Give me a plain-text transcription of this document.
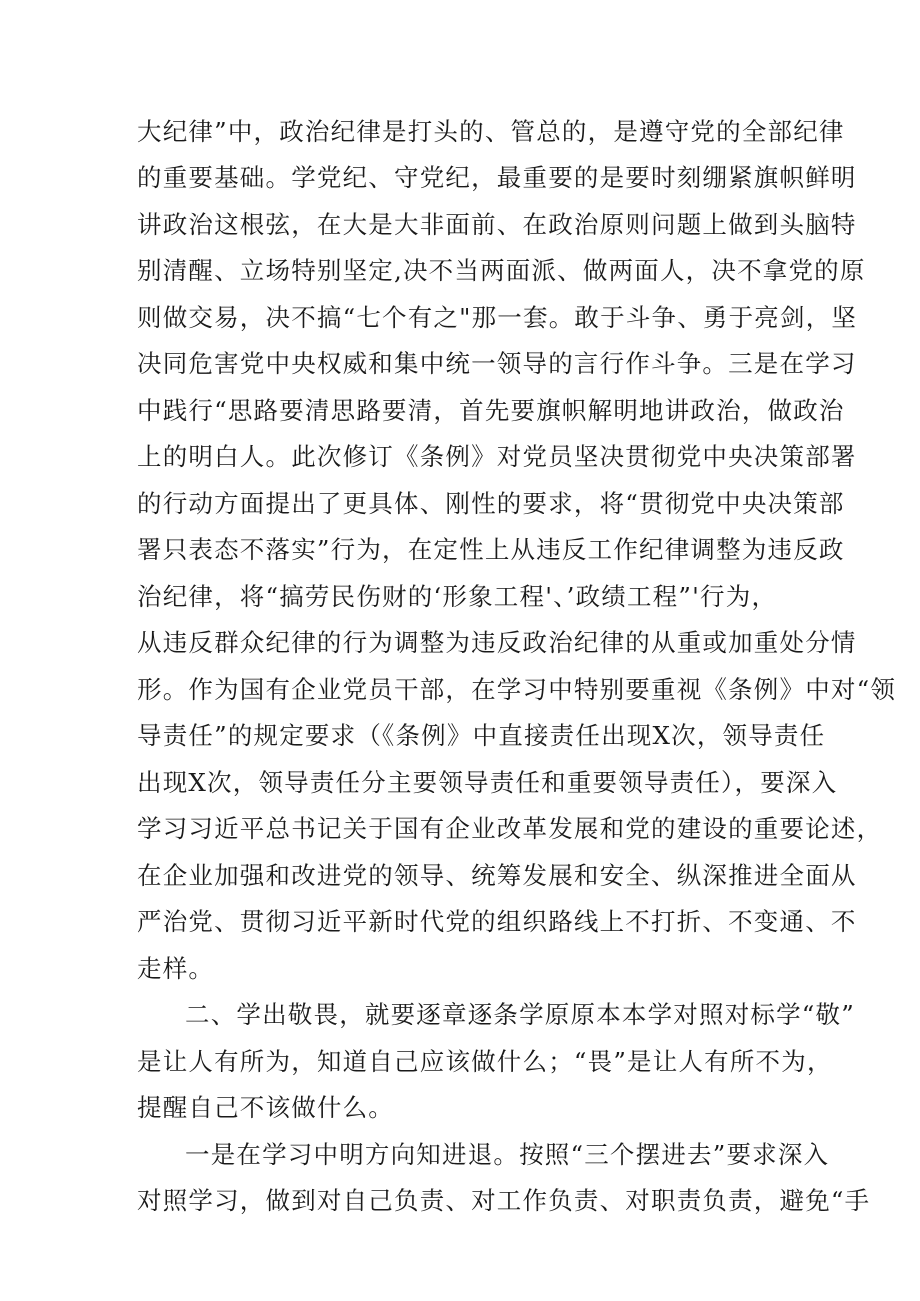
大纪律”中，政治纪律是打头的、管总的，是遵守党的全部纪律
的重要基础。学党纪、守党纪，最重要的是要时刻绷紧旗帜鲜明
讲政治这根弦，在大是大非面前、在政治原则问题上做到头脑特
别清醒、立场特别坚定,决不当两面派、做两面人，决不拿党的原
则做交易，决不搞“七个有之"那一套。敢于斗争、勇于亮剑，坚
决同危害党中央权威和集中统一领导的言行作斗争。三是在学习
中践行“思路要清思路要清，首先要旗帜解明地讲政治，做政治
上的明白人。此次修订《条例》对党员坚决贯彻党中央决策部署
的行动方面提出了更具体、刚性的要求，将“贯彻党中央决策部
署只表态不落实”行为，在定性上从违反工作纪律调整为违反政
治纪律，将“搞劳民伤财的‘形象工程'、’政绩工程”'行为，
从违反群众纪律的行为调整为违反政治纪律的从重或加重处分情
形。作为国有企业党员干部，在学习中特别要重视《条例》中对“领
导责任”的规定要求（《条例》中直接责任出现X次，领导责任
出现X次，领导责任分主要领导责任和重要领导责任），要深入
学习习近平总书记关于国有企业改革发展和党的建设的重要论述，
在企业加强和改进党的领导、统筹发展和安全、纵深推进全面从
严治党、贯彻习近平新时代党的组织路线上不打折、不变通、不
走样。
二、学出敬畏，就要逐章逐条学原原本本学对照对标学“敬”
是让人有所为，知道自己应该做什么；“畏”是让人有所不为，
提醒自己不该做什么。
一是在学习中明方向知进退。按照“三个摆进去”要求深入
对照学习，做到对自己负责、对工作负责、对职责负责，避免“手
